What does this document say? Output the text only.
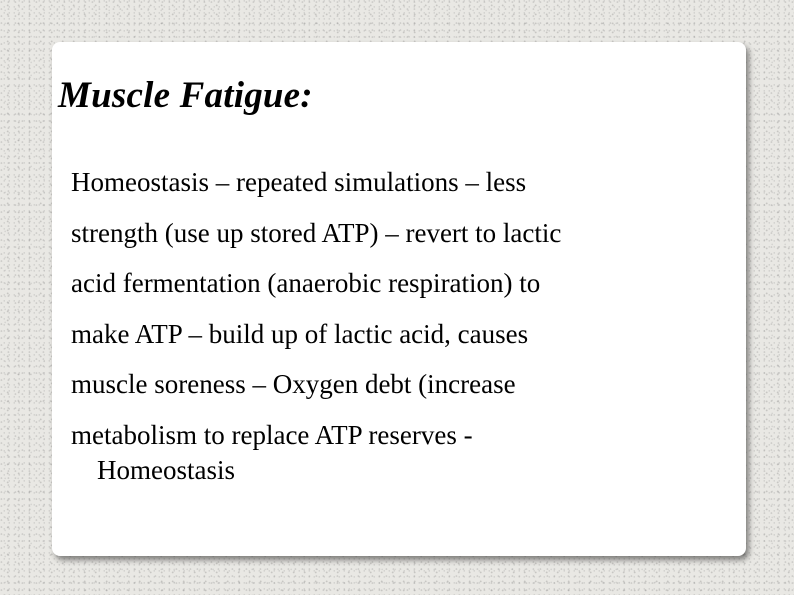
Muscle Fatigue:
Homeostasis – repeated simulations – less
strength (use up stored ATP) – revert to lactic
acid fermentation (anaerobic respiration) to
make ATP – build up of lactic acid, causes
muscle soreness – Oxygen debt (increase
metabolism to replace ATP reserves -
Homeostasis
